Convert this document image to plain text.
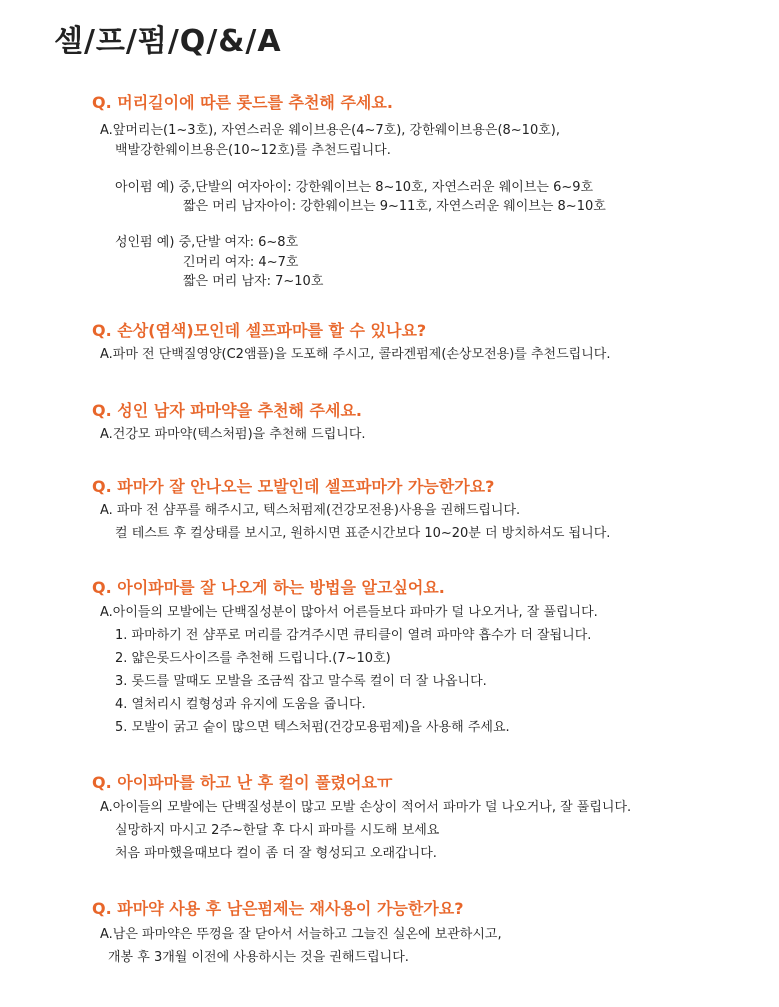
셀/프/펌/Q/&/A
Q. 머리길이에 따른 롯드를 추천해 주세요.

A.앞머리는(1~3호), 자연스러운 웨이브용은(4~7호), 강한웨이브용은(8~10호),

백발강한웨이브용은(10~12호)를 추천드립니다.

아이펌 예) 중,단발의 여자아이: 강한웨이브는 8~10호, 자연스러운 웨이브는 6~9호

짧은 머리 남자아이: 강한웨이브는 9~11호, 자연스러운 웨이브는 8~10호

성인펌 예) 중,단발 여자: 6~8호

긴머리 여자: 4~7호

짧은 머리 남자: 7~10호

Q. 손상(염색)모인데 셀프파마를 할 수 있나요?

A.파마 전 단백질영양(C2앰플)을 도포해 주시고, 콜라겐펌제(손상모전용)를 추천드립니다.

Q. 성인 남자 파마약을 추천해 주세요.

A.건강모 파마약(텍스처펌)을 추천해 드립니다.

Q. 파마가 잘 안나오는 모발인데 셀프파마가 가능한가요?

A. 파마 전 샴푸를 해주시고, 텍스처펌제(건강모전용)사용을 권해드립니다.

컬 테스트 후 컬상태를 보시고, 원하시면 표준시간보다 10~20분 더 방치하셔도 됩니다.

Q. 아이파마를 잘 나오게 하는 방법을 알고싶어요.

A.아이들의 모발에는 단백질성분이 많아서 어른들보다 파마가 덜 나오거나, 잘 풀립니다.

1. 파마하기 전 샴푸로 머리를 감겨주시면 큐티클이 열려 파마약 흡수가 더 잘됩니다.

2. 얇은롯드사이즈를 추천해 드립니다.(7~10호)

3. 롯드를 말때도 모발을 조금씩 잡고 말수록 컬이 더 잘 나옵니다.

4. 열처리시 컬형성과 유지에 도움을 줍니다.

5. 모발이 굵고 숱이 많으면 텍스처펌(건강모용펌제)을 사용해 주세요.

Q. 아이파마를 하고 난 후 컬이 풀렸어요ㅠ

A.아이들의 모발에는 단백질성분이 많고 모발 손상이 적어서 파마가 덜 나오거나, 잘 풀립니다.

실망하지 마시고 2주~한달 후 다시 파마를 시도해 보세요

처음 파마했을때보다 컬이 좀 더 잘 형성되고 오래갑니다.

Q. 파마약 사용 후 남은펌제는 재사용이 가능한가요?

A.남은 파마약은 뚜껑을 잘 닫아서 서늘하고 그늘진 실온에 보관하시고,

개봉 후 3개월 이전에 사용하시는 것을 권해드립니다.
